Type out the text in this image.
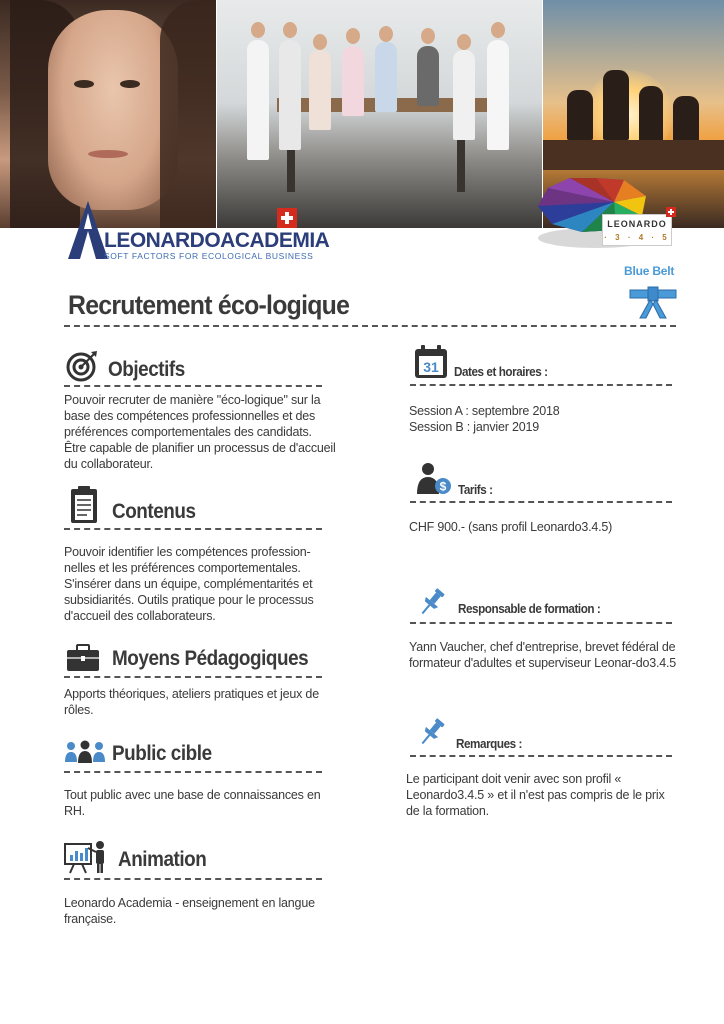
LEONARDO
· 3 · 4 · 5
LEONARDOACADEMIA
SOFT FACTORS FOR ECOLOGICAL BUSINESS
Blue Belt
Recrutement éco-logique
Objectifs
Pouvoir recruter de manière "éco-logique" sur la base des compétences professionnelles et des préférences comportementales des candidats. Être capable de planifier un processus de d'accueil du collaborateur.
Contenus
Pouvoir identifier les compétences profession-nelles et les préférences comportementales. S'insérer dans un équipe, complémentarités et subsidiarités. Outils pratique pour le processus d'accueil des collaborateurs.
Moyens Pédagogiques
Apports théoriques, ateliers pratiques et jeux de rôles.
Public cible
Tout public avec une base de connaissances en RH.
Animation
Leonardo Academia - enseignement en langue française.
31 Dates et horaires :
Session A : septembre 2018
Session B : janvier 2019
$ Tarifs :
CHF 900.- (sans profil Leonardo3.4.5)
Responsable de formation :
Yann Vaucher, chef d'entreprise, brevet fédéral de formateur d'adultes et superviseur Leonar-do3.4.5
Remarques :
Le participant doit venir avec son profil « Leonardo3.4.5 » et il n'est pas compris de le prix de la formation.
